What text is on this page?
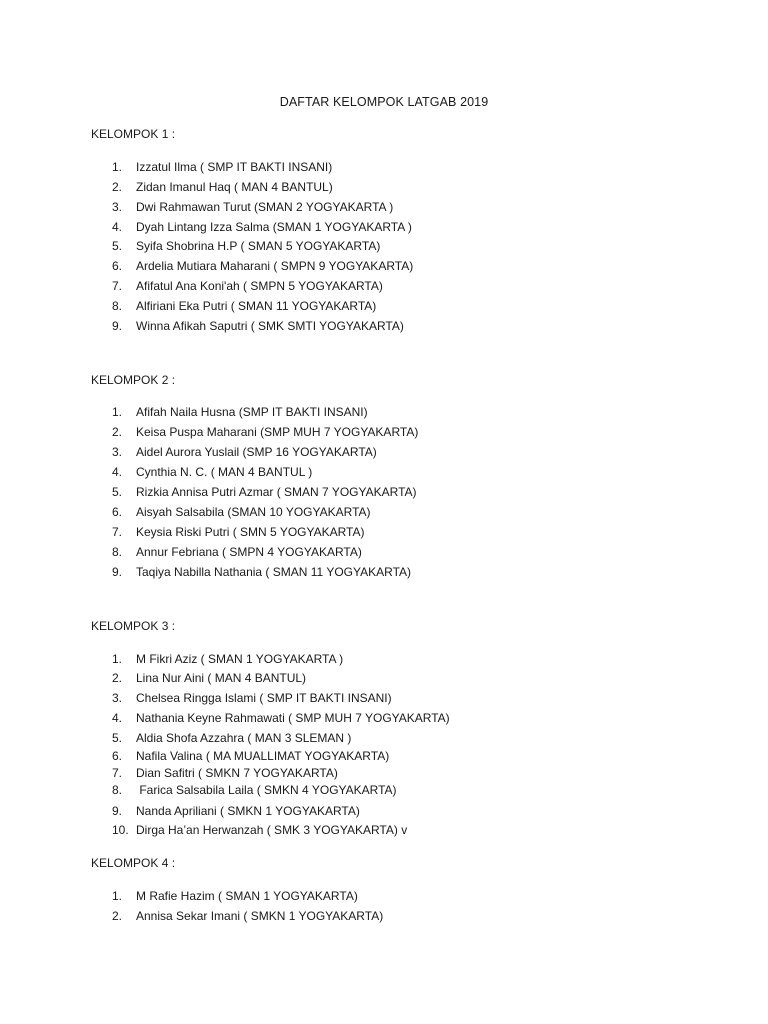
DAFTAR KELOMPOK LATGAB 2019
KELOMPOK 1 :
1. Izzatul Ilma ( SMP IT BAKTI INSANI)
2. Zidan Imanul Haq ( MAN 4 BANTUL)
3. Dwi Rahmawan Turut (SMAN 2 YOGYAKARTA )
4. Dyah Lintang Izza Salma (SMAN 1 YOGYAKARTA )
5. Syifa Shobrina H.P ( SMAN 5 YOGYAKARTA)
6. Ardelia Mutiara Maharani ( SMPN 9 YOGYAKARTA)
7. Afifatul Ana Koni'ah ( SMPN 5 YOGYAKARTA)
8. Alfiriani Eka Putri ( SMAN 11 YOGYAKARTA)
9. Winna Afikah Saputri ( SMK SMTI YOGYAKARTA)
KELOMPOK 2 :
1. Afifah Naila Husna (SMP IT BAKTI INSANI)
2. Keisa Puspa Maharani (SMP MUH 7 YOGYAKARTA)
3. Aidel Aurora Yuslail (SMP 16 YOGYAKARTA)
4. Cynthia N. C. ( MAN 4 BANTUL )
5. Rizkia Annisa Putri Azmar ( SMAN 7 YOGYAKARTA)
6. Aisyah Salsabila (SMAN 10 YOGYAKARTA)
7. Keysia Riski Putri ( SMN 5 YOGYAKARTA)
8. Annur Febriana ( SMPN 4 YOGYAKARTA)
9. Taqiya Nabilla Nathania ( SMAN 11 YOGYAKARTA)
KELOMPOK 3 :
1. M Fikri Aziz ( SMAN 1 YOGYAKARTA )
2. Lina Nur Aini ( MAN 4 BANTUL)
3. Chelsea Ringga Islami ( SMP IT BAKTI INSANI)
4. Nathania Keyne Rahmawati ( SMP MUH 7 YOGYAKARTA)
5. Aldia Shofa Azzahra ( MAN 3 SLEMAN )
6. Nafila Valina ( MA MUALLIMAT YOGYAKARTA)
7. Dian Safitri ( SMKN 7 YOGYAKARTA)
8. Farica Salsabila Laila ( SMKN 4 YOGYAKARTA)
9. Nanda Apriliani ( SMKN 1 YOGYAKARTA)
10. Dirga Ha’an Herwanzah ( SMK 3 YOGYAKARTA) v
KELOMPOK 4 :
1. M Rafie Hazim ( SMAN 1 YOGYAKARTA)
2. Annisa Sekar Imani ( SMKN 1 YOGYAKARTA)
